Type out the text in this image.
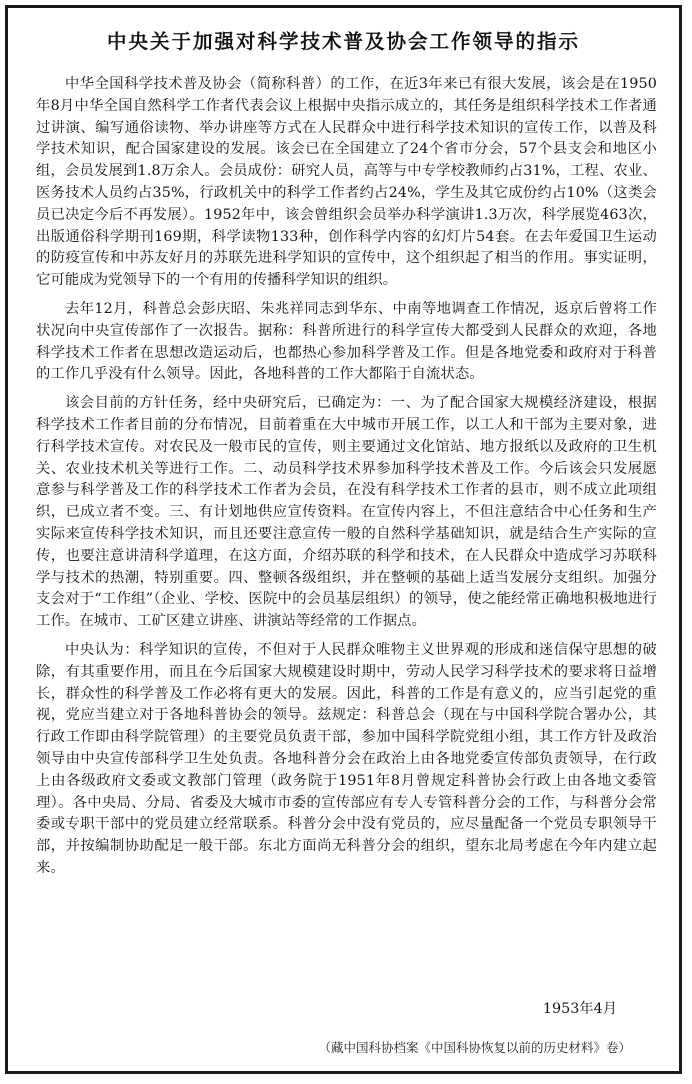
中央关于加强对科学技术普及协会工作领导的指示

中华全国科学技术普及协会（简称科普）的工作，在近3年来已有很大发展，该会是在1950年8月中华全国自然科学工作者代表会议上根据中央指示成立的，其任务是组织科学技术工作者通过讲演、编写通俗读物、举办讲座等方式在人民群众中进行科学技术知识的宣传工作，以普及科学技术知识，配合国家建设的发展。该会已在全国建立了24个省市分会，57个县支会和地区小组，会员发展到1.8万余人。会员成份：研究人员，高等与中专学校教师约占31%，工程、农业、医务技术人员约占35%，行政机关中的科学工作者约占24%，学生及其它成份约占10%（这类会员已决定今后不再发展）。1952年中，该会曾组织会员举办科学演讲1.3万次，科学展览463次，出版通俗科学期刊169期，科学读物133种，创作科学内容的幻灯片54套。在去年爱国卫生运动的防疫宣传和中苏友好月的苏联先进科学知识的宣传中，这个组织起了相当的作用。事实证明，它可能成为党领导下的一个有用的传播科学知识的组织。

去年12月，科普总会彭庆昭、朱兆祥同志到华东、中南等地调查工作情况，返京后曾将工作状况向中央宣传部作了一次报告。据称：科普所进行的科学宣传大都受到人民群众的欢迎，各地科学技术工作者在思想改造运动后，也都热心参加科学普及工作。但是各地党委和政府对于科普的工作几乎没有什么领导。因此，各地科普的工作大都陷于自流状态。

该会目前的方针任务，经中央研究后，已确定为：一、为了配合国家大规模经济建设，根据科学技术工作者目前的分布情况，目前着重在大中城市开展工作，以工人和干部为主要对象，进行科学技术宣传。对农民及一般市民的宣传，则主要通过文化馆站、地方报纸以及政府的卫生机关、农业技术机关等进行工作。二、动员科学技术界参加科学技术普及工作。今后该会只发展愿意参与科学普及工作的科学技术工作者为会员，在没有科学技术工作者的县市，则不成立此项组织，已成立者不变。三、有计划地供应宣传资料。在宣传内容上，不但注意结合中心任务和生产实际来宣传科学技术知识，而且还要注意宣传一般的自然科学基础知识，就是结合生产实际的宣传，也要注意讲清科学道理，在这方面，介绍苏联的科学和技术，在人民群众中造成学习苏联科学与技术的热潮，特别重要。四、整顿各级组织，并在整顿的基础上适当发展分支组织。加强分支会对于“工作组”（企业、学校、医院中的会员基层组织）的领导，使之能经常正确地积极地进行工作。在城市、工矿区建立讲座、讲演站等经常的工作据点。

中央认为：科学知识的宣传，不但对于人民群众唯物主义世界观的形成和迷信保守思想的破除，有其重要作用，而且在今后国家大规模建设时期中，劳动人民学习科学技术的要求将日益增长，群众性的科学普及工作必将有更大的发展。因此，科普的工作是有意义的，应当引起党的重视，党应当建立对于各地科普协会的领导。兹规定：科普总会（现在与中国科学院合署办公，其行政工作即由科学院管理）的主要党员负责干部，参加中国科学院党组小组，其工作方针及政治领导由中央宣传部科学卫生处负责。各地科普分会在政治上由各地党委宣传部负责领导，在行政上由各级政府文委或文教部门管理（政务院于1951年8月曾规定科普协会行政上由各地文委管理）。各中央局、分局、省委及大城市市委的宣传部应有专人专管科普分会的工作，与科普分会常委或专职干部中的党员建立经常联系。科普分会中没有党员的，应尽量配备一个党员专职领导干部，并按编制协助配足一般干部。东北方面尚无科普分会的组织，望东北局考虑在今年内建立起来。

1953年4月
（藏中国科协档案《中国科协恢复以前的历史材料》卷）
